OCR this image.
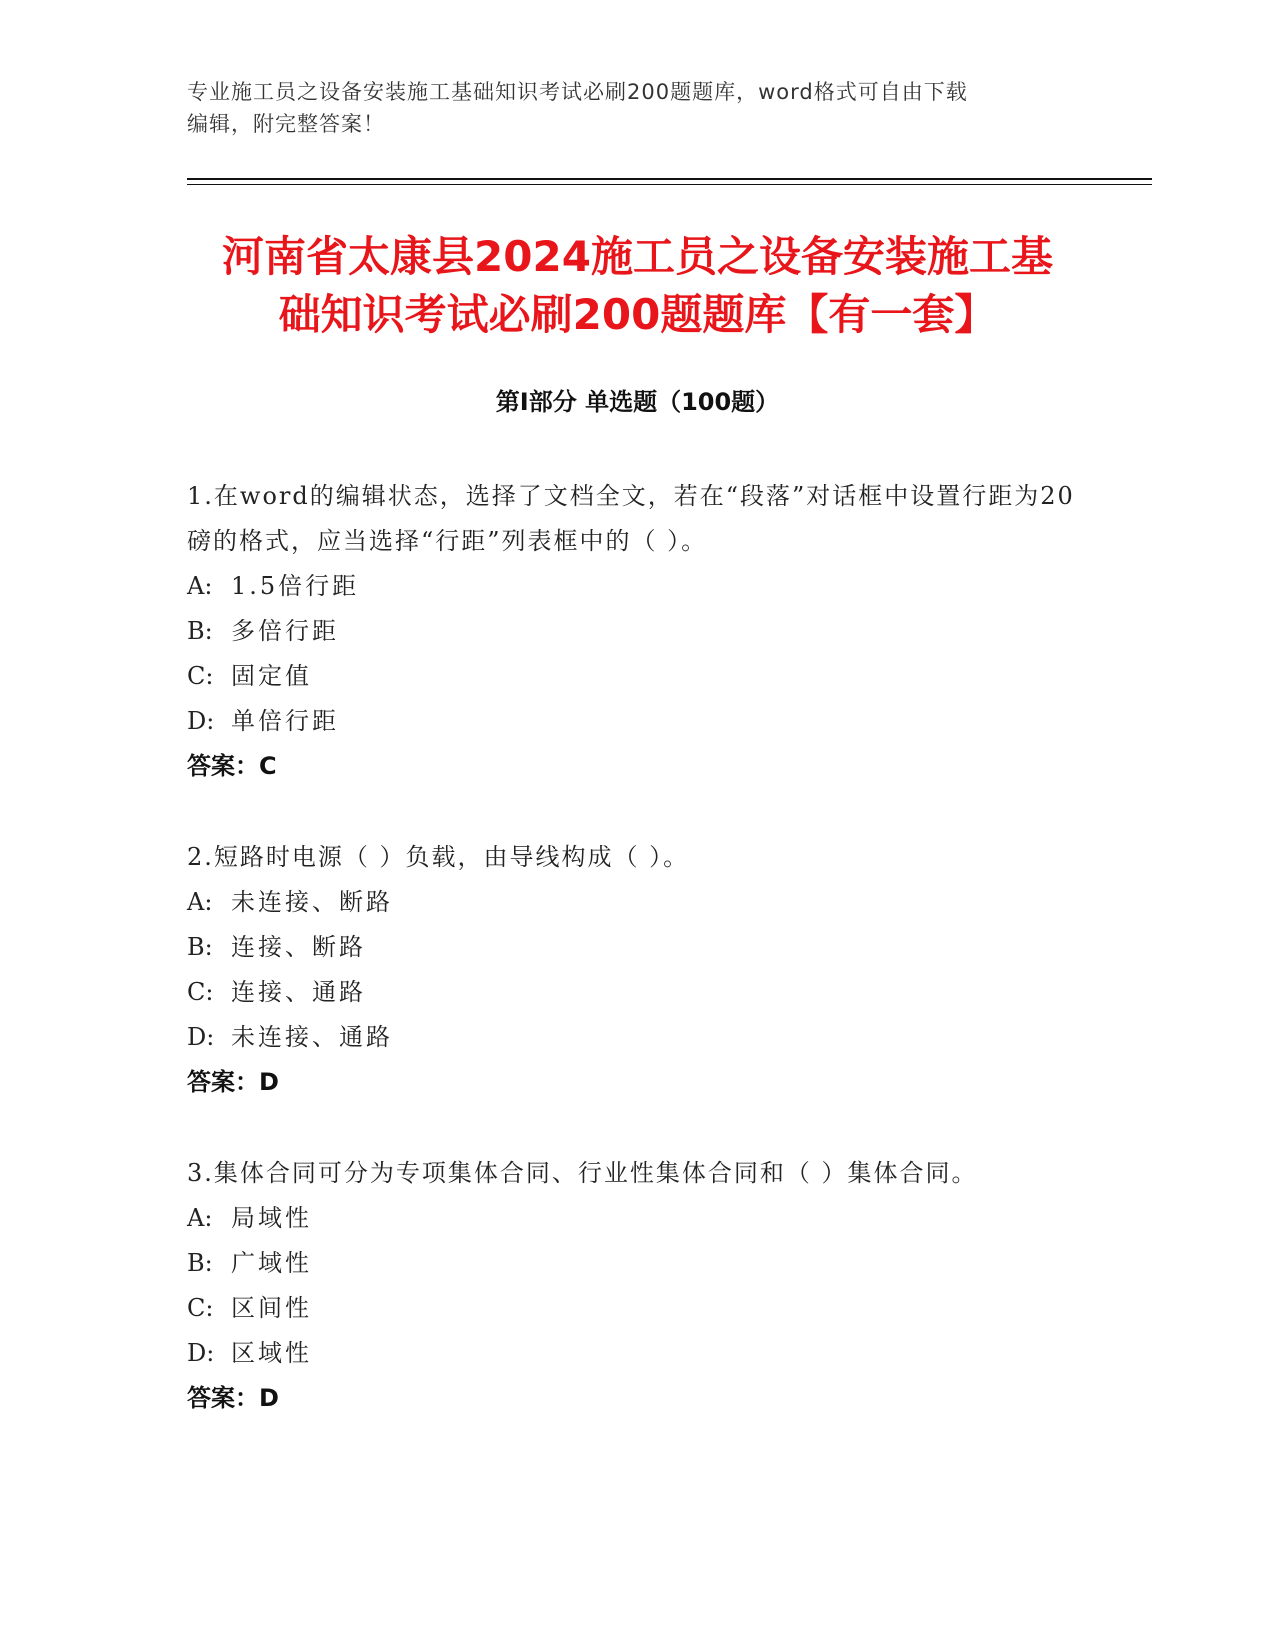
专业施工员之设备安装施工基础知识考试必刷200题题库，word格式可自由下载
编辑，附完整答案！
河南省太康县2024施工员之设备安装施工基
础知识考试必刷200题题库【有一套】
第Ⅰ部分 单选题（100题）
1.在word的编辑状态，选择了文档全文，若在“段落”对话框中设置行距为20磅的格式，应当选择“行距”列表框中的（ ）。
A: 1.5倍行距
B: 多倍行距
C: 固定值
D: 单倍行距
答案：C
2.短路时电源（ ）负载，由导线构成（ ）。
A: 未连接、断路
B: 连接、断路
C: 连接、通路
D: 未连接、通路
答案：D
3.集体合同可分为专项集体合同、行业性集体合同和（ ）集体合同。
A: 局域性
B: 广域性
C: 区间性
D: 区域性
答案：D
